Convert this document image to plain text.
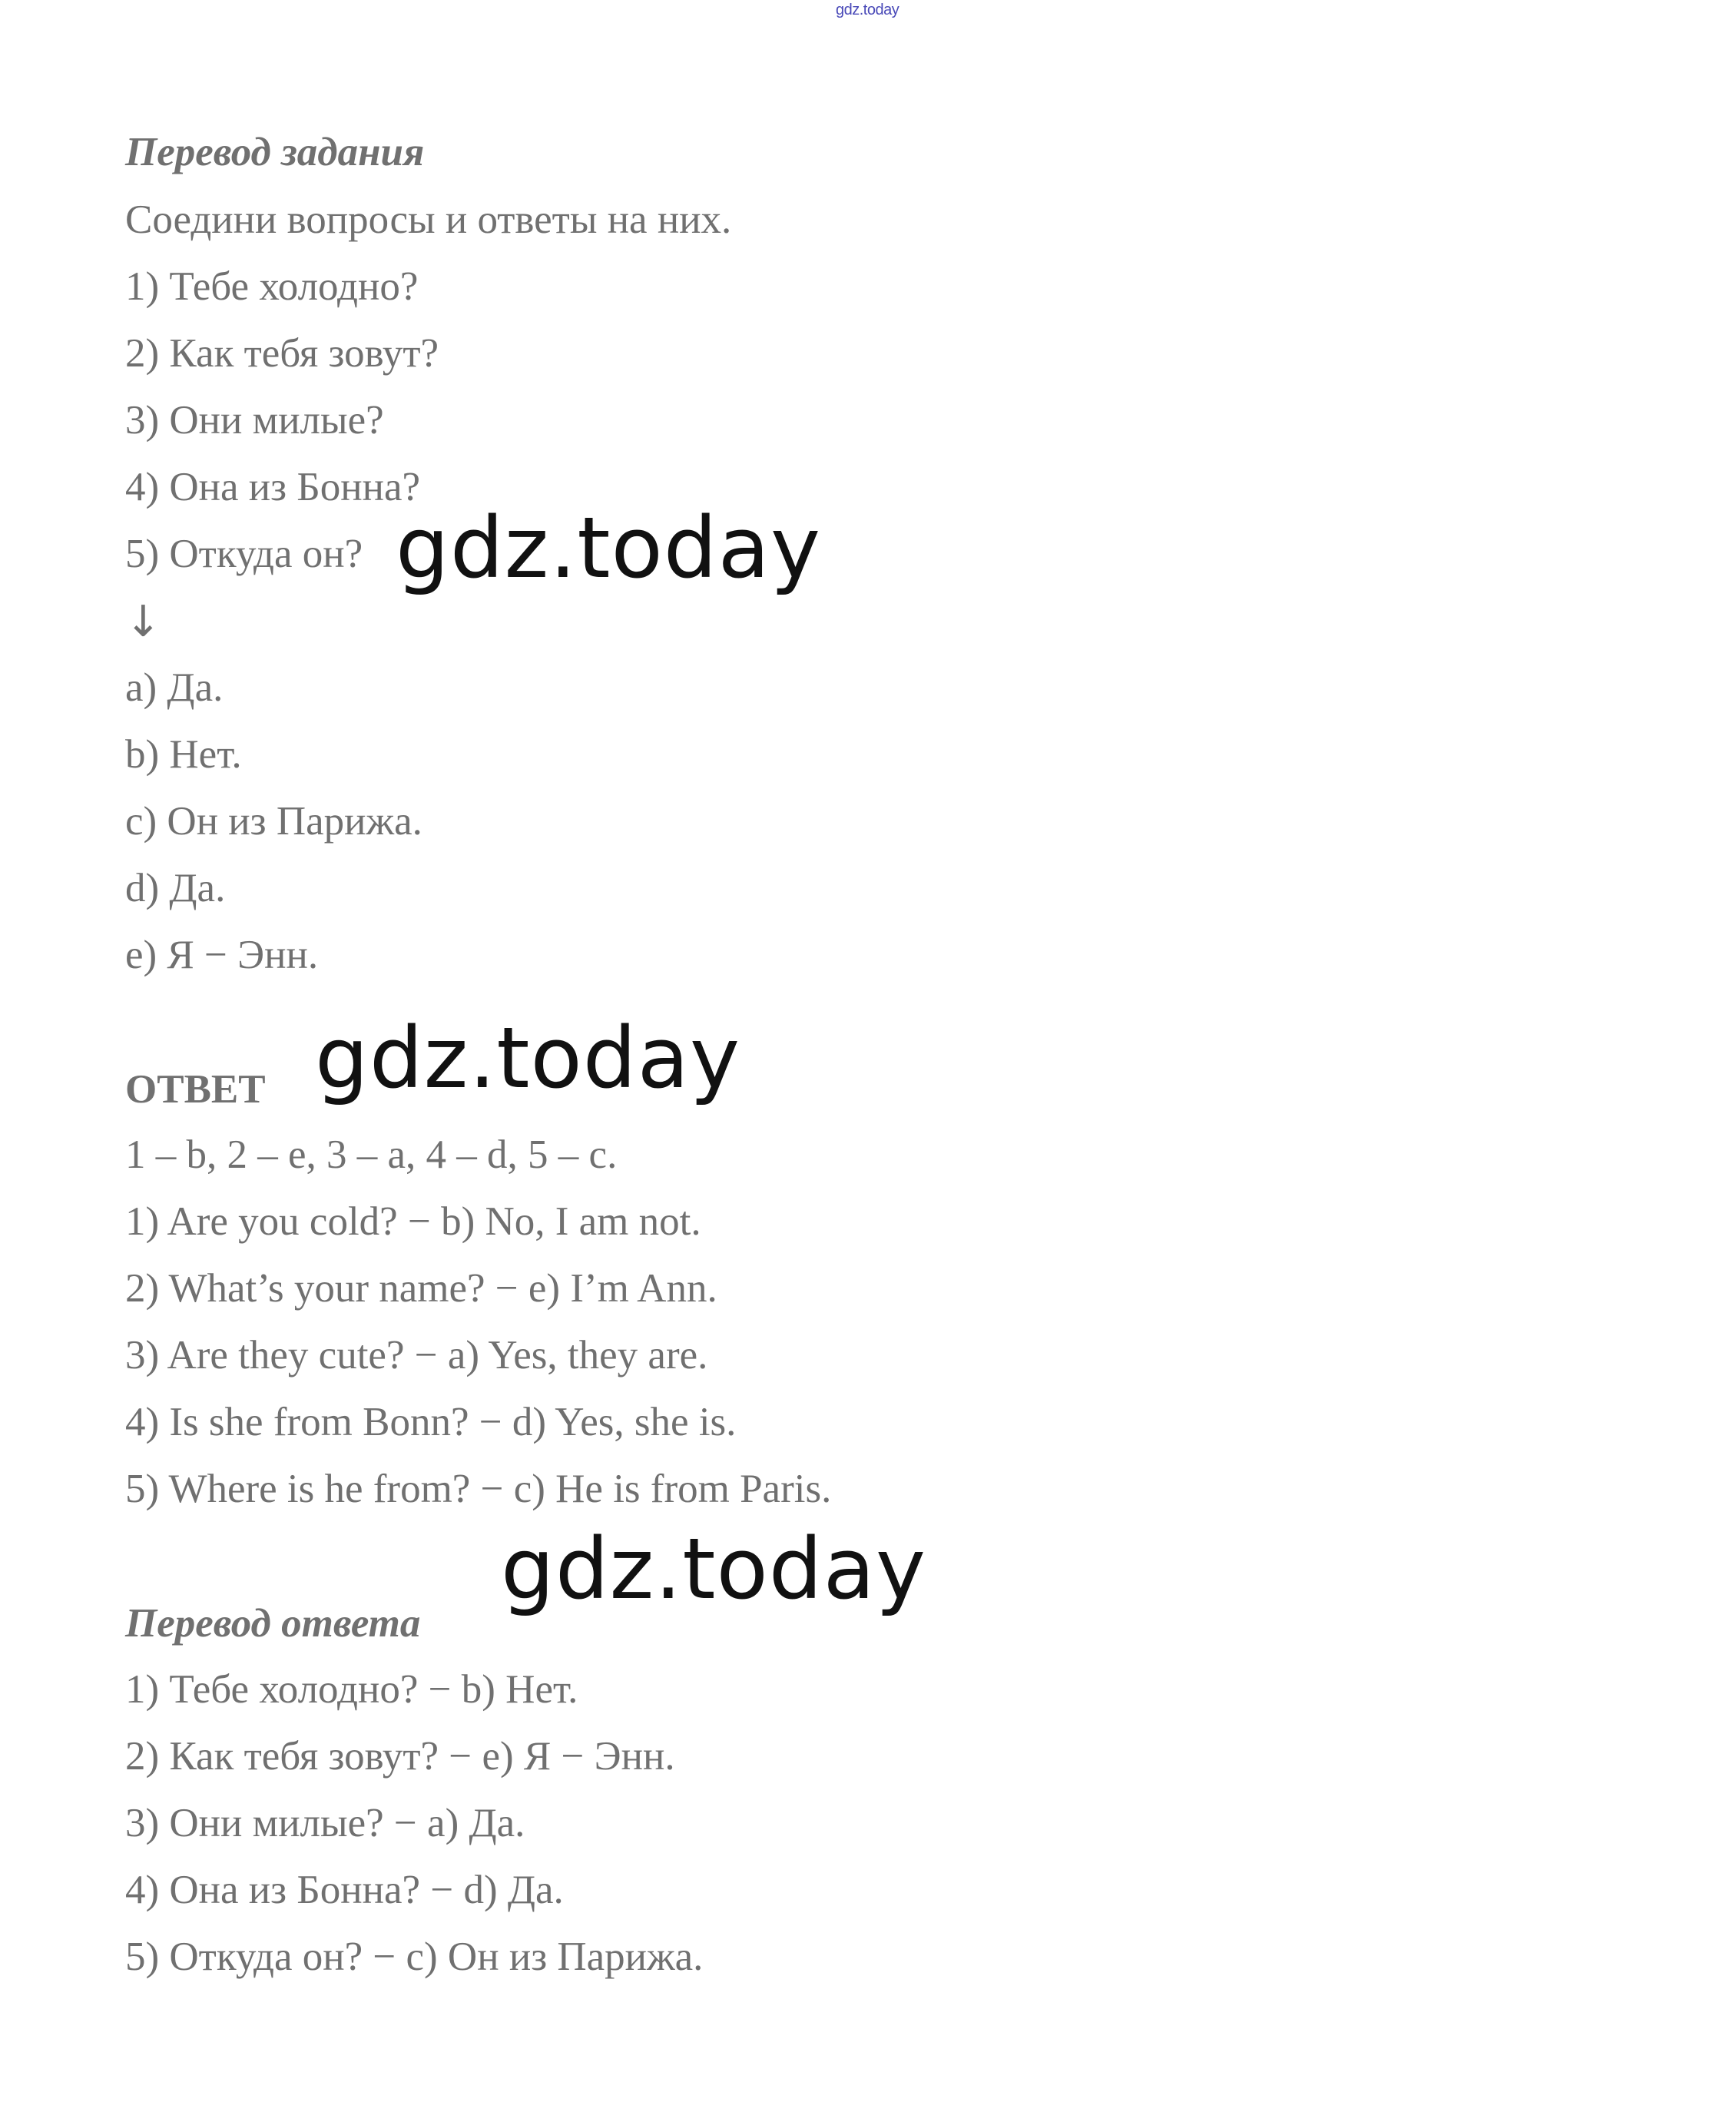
gdz.today
Перевод задания
Соедини вопросы и ответы на них.
1) Тебе холодно?
2) Как тебя зовут?
3) Они милые?
4) Она из Бонна?
5) Откуда он?
↓
a) Да.
b) Нет.
c) Он из Парижа.
d) Да.
e) Я − Энн.
ОТВЕТ
1 – b, 2 – e, 3 – a, 4 – d, 5 – c.
1) Are you cold? − b) No, I am not.
2) What’s your name? − e) I’m Ann.
3) Are they cute? − a) Yes, they are.
4) Is she from Bonn? − d) Yes, she is.
5) Where is he from? − c) He is from Paris.
Перевод ответа
1) Тебе холодно? − b) Нет.
2) Как тебя зовут? − e) Я − Энн.
3) Они милые? − a) Да.
4) Она из Бонна? − d) Да.
5) Откуда он? − c) Он из Парижа.
gdz.today
gdz.today
gdz.today
